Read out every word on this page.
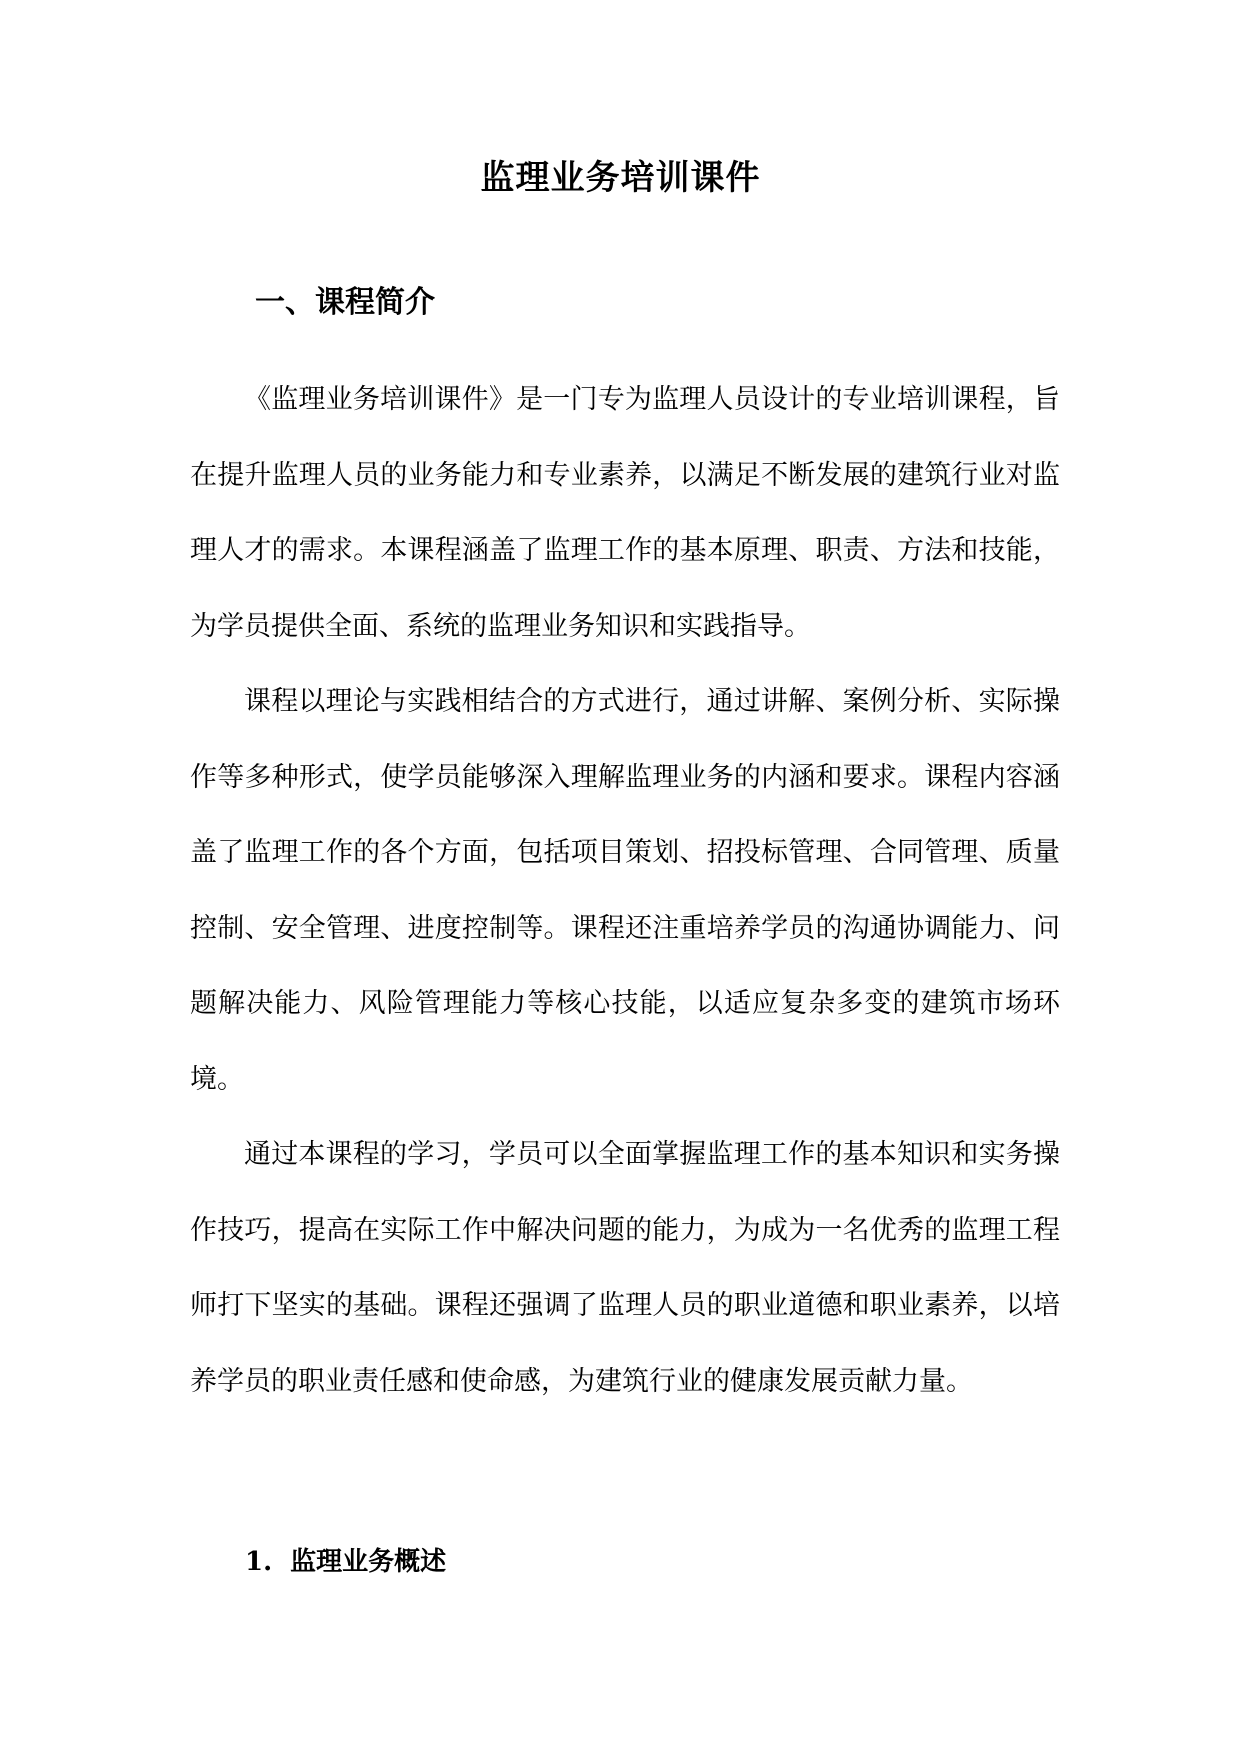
监理业务培训课件
一、课程简介

《监理业务培训课件》是一门专为监理人员设计的专业培训课程，旨在提升监理人员的业务能力和专业素养，以满足不断发展的建筑行业对监理人才的需求。本课程涵盖了监理工作的基本原理、职责、方法和技能，为学员提供全面、系统的监理业务知识和实践指导。

课程以理论与实践相结合的方式进行，通过讲解、案例分析、实际操作等多种形式，使学员能够深入理解监理业务的内涵和要求。课程内容涵盖了监理工作的各个方面，包括项目策划、招投标管理、合同管理、质量控制、安全管理、进度控制等。课程还注重培养学员的沟通协调能力、问题解决能力、风险管理能力等核心技能，以适应复杂多变的建筑市场环境。

通过本课程的学习，学员可以全面掌握监理工作的基本知识和实务操作技巧，提高在实际工作中解决问题的能力，为成为一名优秀的监理工程师打下坚实的基础。课程还强调了监理人员的职业道德和职业素养，以培养学员的职业责任感和使命感，为建筑行业的健康发展贡献力量。

1. 监理业务概述
